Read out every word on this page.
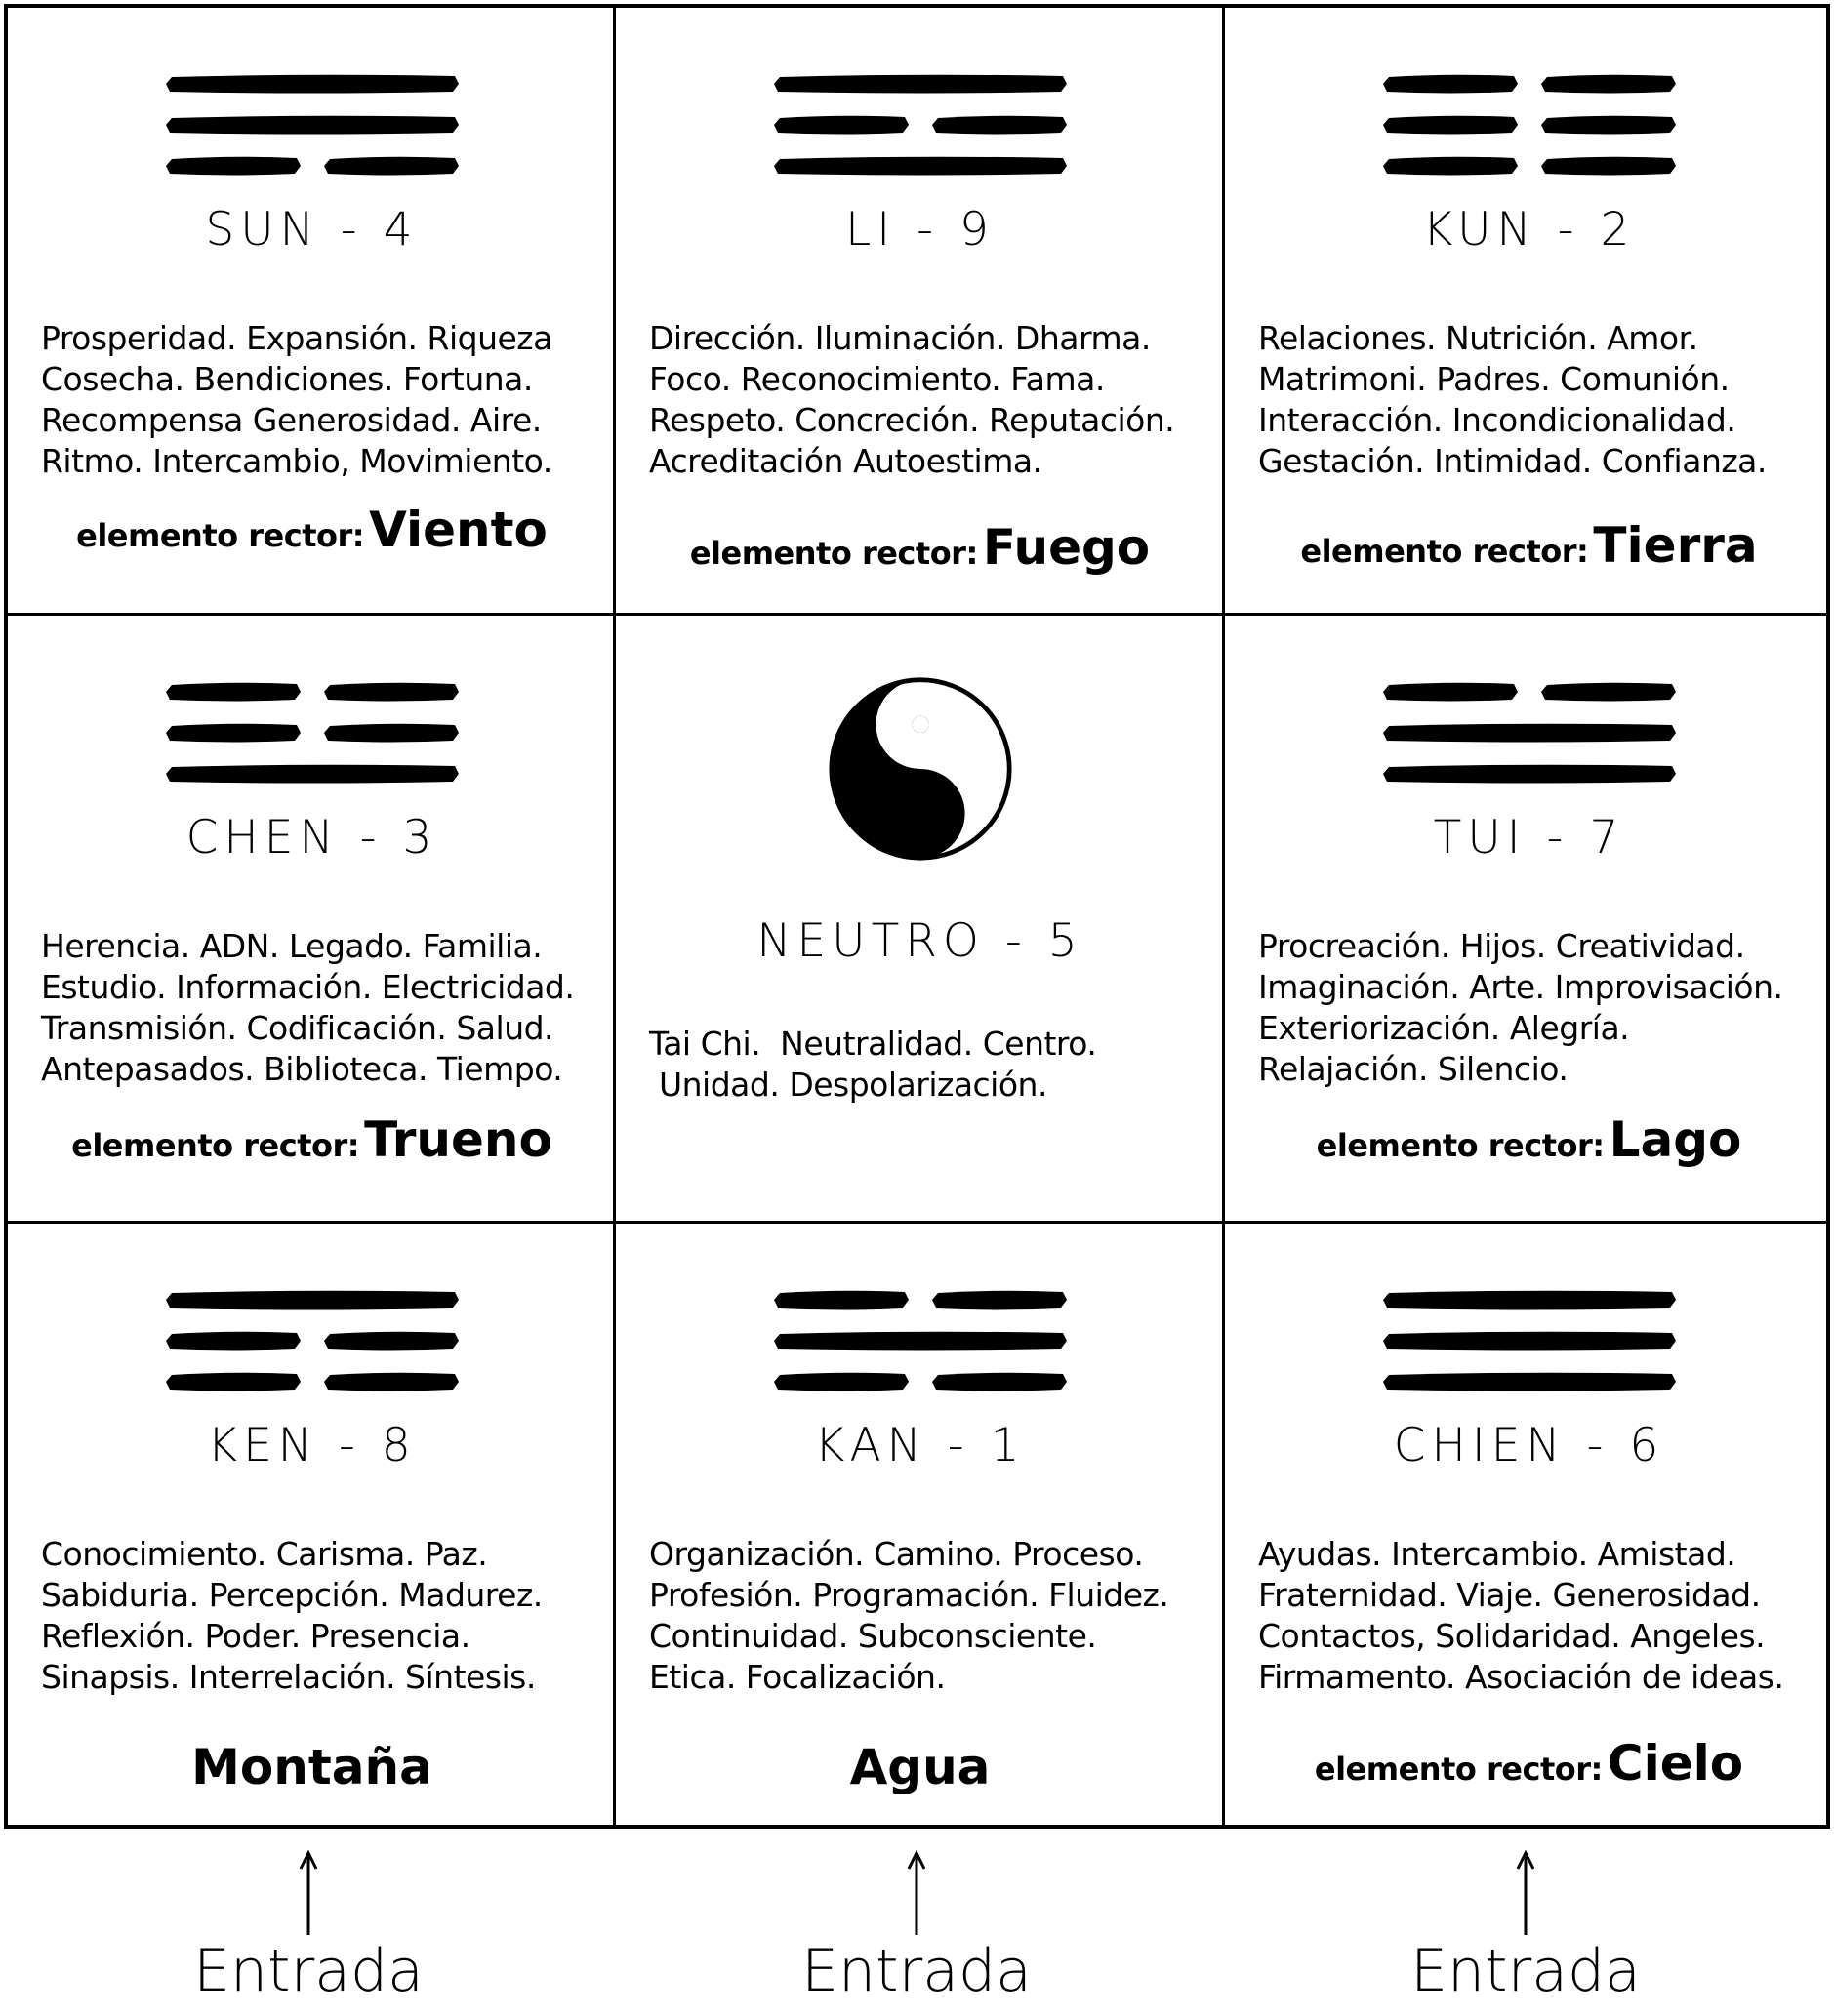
SUN - 4
Prosperidad. Expansión. Riqueza
Cosecha. Bendiciones. Fortuna.
Recompensa Generosidad. Aire.
Ritmo. Intercambio, Movimiento.
elemento rector: Viento
LI - 9
Dirección. Iluminación. Dharma.
Foco. Reconocimiento. Fama.
Respeto. Concreción. Reputación.
Acreditación Autoestima.
elemento rector: Fuego
KUN - 2
Relaciones. Nutrición. Amor.
Matrimoni. Padres. Comunión.
Interacción. Incondicionalidad.
Gestación. Intimidad. Confianza.
elemento rector: Tierra
CHEN - 3
Herencia. ADN. Legado. Familia.
Estudio. Información. Electricidad.
Transmisión. Codificación. Salud.
Antepasados. Biblioteca. Tiempo.
elemento rector: Trueno
NEUTRO - 5
Tai Chi.  Neutralidad. Centro.
Unidad. Despolarización.
TUI - 7
Procreación. Hijos. Creatividad.
Imaginación. Arte. Improvisación.
Exteriorización. Alegría.
Relajación. Silencio.
elemento rector: Lago
KEN - 8
Conocimiento. Carisma. Paz.
Sabiduria. Percepción. Madurez.
Reflexión. Poder. Presencia.
Sinapsis. Interrelación. Síntesis.
Montaña
KAN - 1
Organización. Camino. Proceso.
Profesión. Programación. Fluidez.
Continuidad. Subconsciente.
Etica. Focalización.
Agua
CHIEN - 6
Ayudas. Intercambio. Amistad.
Fraternidad. Viaje. Generosidad.
Contactos, Solidaridad. Angeles.
Firmamento. Asociación de ideas.
elemento rector: Cielo
Entrada	Entrada	Entrada
